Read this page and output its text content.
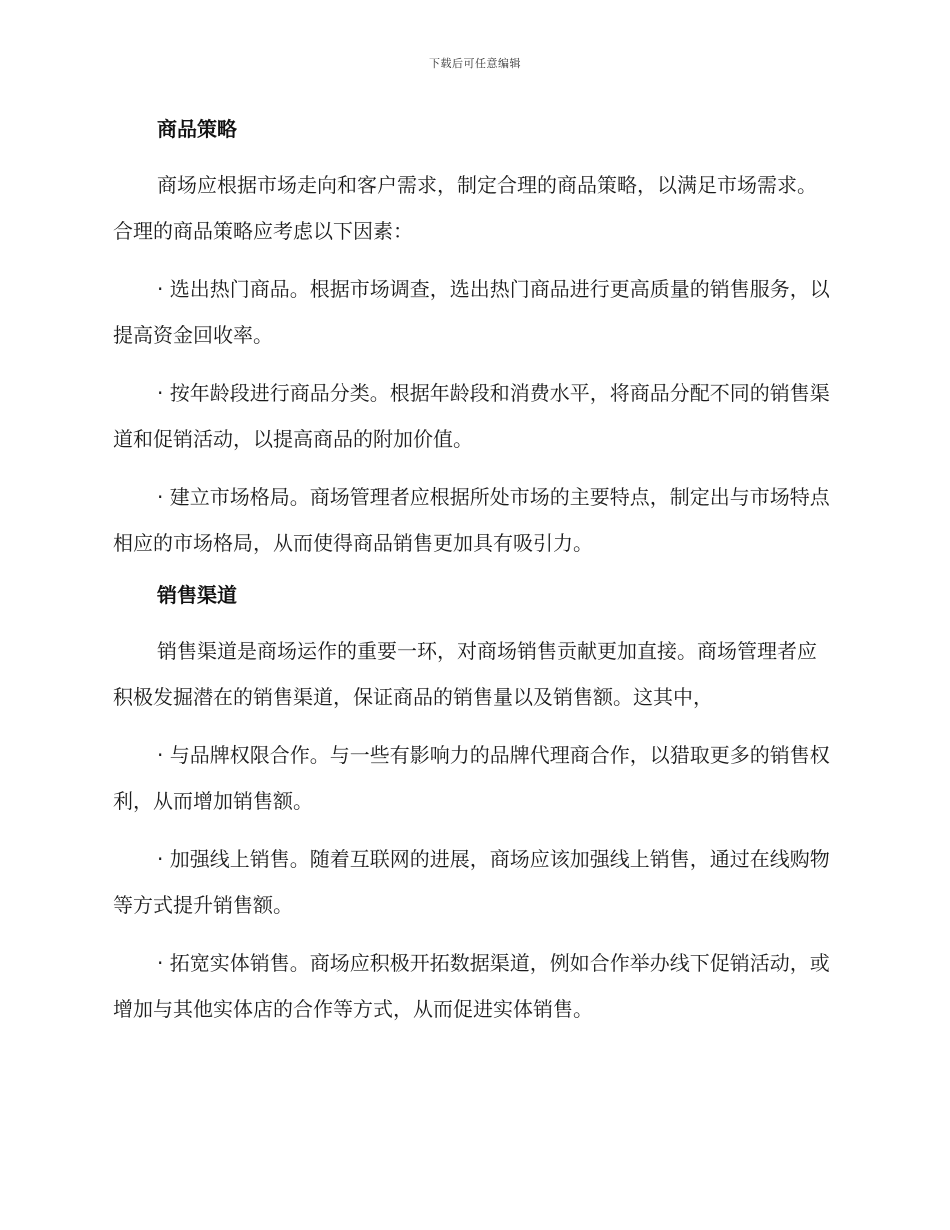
下载后可任意编辑
商品策略

商场应根据市场走向和客户需求，制定合理的商品策略，以满足市场需求。合理的商品策略应考虑以下因素：

· 选出热门商品。根据市场调查，选出热门商品进行更高质量的销售服务，以提高资金回收率。

· 按年龄段进行商品分类。根据年龄段和消费水平，将商品分配不同的销售渠道和促销活动，以提高商品的附加价值。

· 建立市场格局。商场管理者应根据所处市场的主要特点，制定出与市场特点相应的市场格局，从而使得商品销售更加具有吸引力。

销售渠道

销售渠道是商场运作的重要一环，对商场销售贡献更加直接。商场管理者应积极发掘潜在的销售渠道，保证商品的销售量以及销售额。这其中，

· 与品牌权限合作。与一些有影响力的品牌代理商合作，以猎取更多的销售权利，从而增加销售额。

· 加强线上销售。随着互联网的进展，商场应该加强线上销售，通过在线购物等方式提升销售额。

· 拓宽实体销售。商场应积极开拓数据渠道，例如合作举办线下促销活动，或增加与其他实体店的合作等方式，从而促进实体销售。
